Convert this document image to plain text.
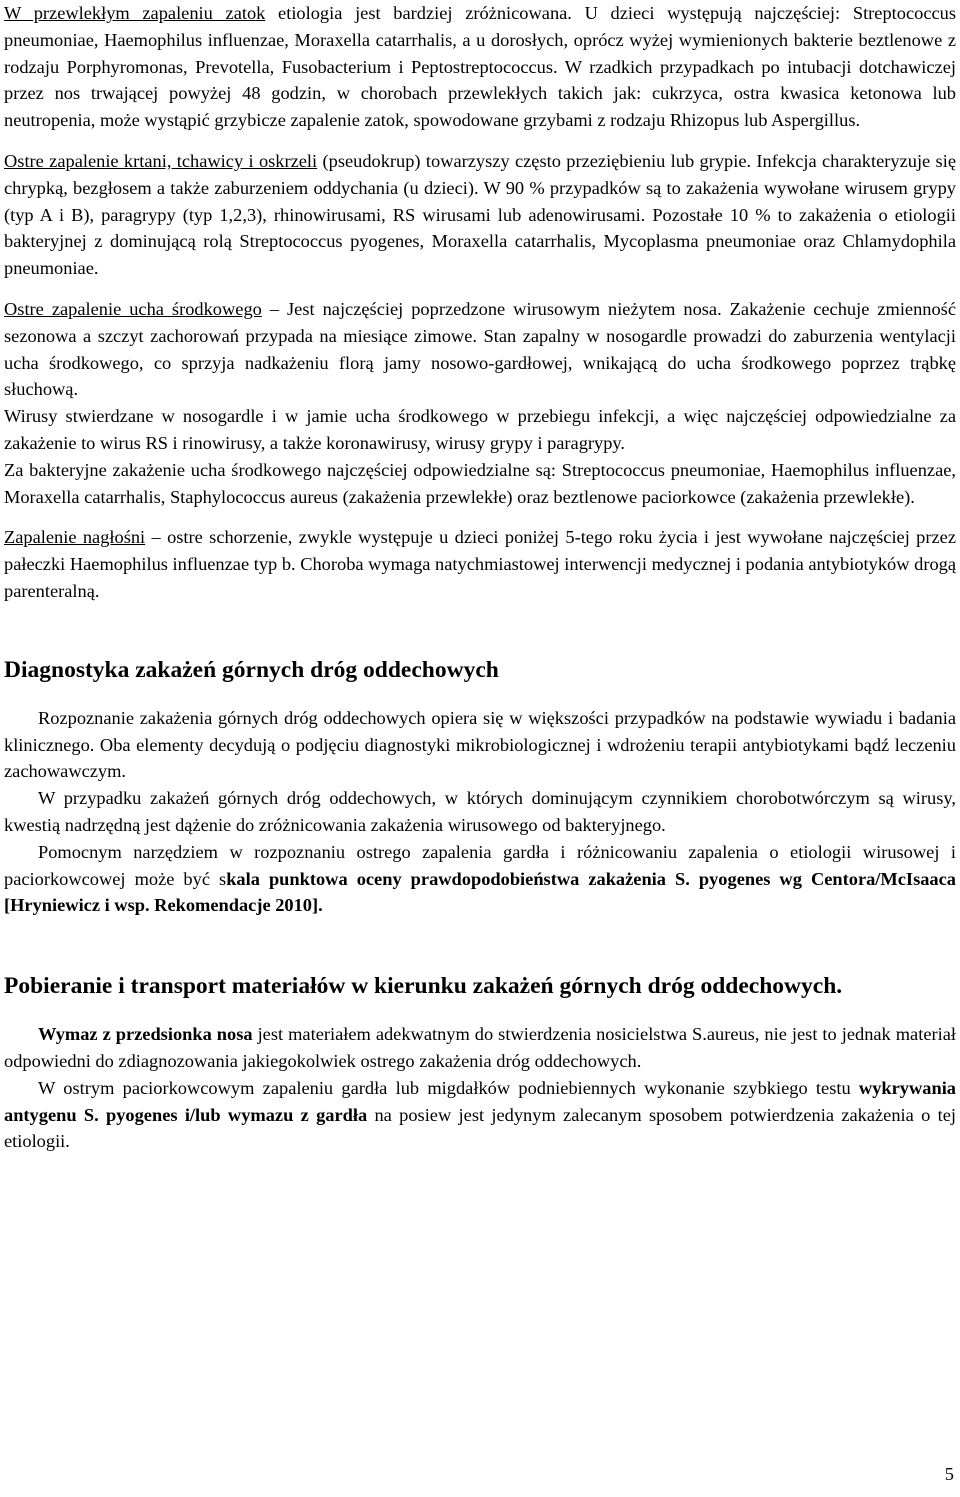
W przewlekłym zapaleniu zatok etiologia jest bardziej zróżnicowana. U dzieci występują najczęściej: Streptococcus pneumoniae, Haemophilus influenzae, Moraxella catarrhalis, a u dorosłych, oprócz wyżej wymienionych bakterie beztlenowe z rodzaju Porphyromonas, Prevotella, Fusobacterium i Peptostreptococcus. W rzadkich przypadkach po intubacji dotchawiczej przez nos trwającej powyżej 48 godzin, w chorobach przewlekłych takich jak: cukrzyca, ostra kwasica ketonowa lub neutropenia, może wystąpić grzybicze zapalenie zatok, spowodowane grzybami z rodzaju Rhizopus lub Aspergillus.

Ostre zapalenie krtani, tchawicy i oskrzeli (pseudokrup) towarzyszy często przeziębieniu lub grypie. Infekcja charakteryzuje się chrypką, bezgłosem a także zaburzeniem oddychania (u dzieci). W 90 % przypadków są to zakażenia wywołane wirusem grypy (typ A i B), paragrypy (typ 1,2,3), rhinowirusami, RS wirusami lub adenowirusami. Pozostałe 10 % to zakażenia o etiologii bakteryjnej z dominującą rolą Streptococcus pyogenes, Moraxella catarrhalis, Mycoplasma pneumoniae oraz Chlamydophila pneumoniae.

Ostre zapalenie ucha środkowego – Jest najczęściej poprzedzone wirusowym nieżytem nosa. Zakażenie cechuje zmienność sezonowa a szczyt zachorowań przypada na miesiące zimowe. Stan zapalny w nosogardle prowadzi do zaburzenia wentylacji ucha środkowego, co sprzyja nadkażeniu florą jamy nosowo-gardłowej, wnikającą do ucha środkowego poprzez trąbkę słuchową.

Wirusy stwierdzane w nosogardle i w jamie ucha środkowego w przebiegu infekcji, a więc najczęściej odpowiedzialne za zakażenie to wirus RS i rinowirusy, a także koronawirusy, wirusy grypy i paragrypy.

Za bakteryjne zakażenie ucha środkowego najczęściej odpowiedzialne są: Streptococcus pneumoniae, Haemophilus influenzae, Moraxella catarrhalis, Staphylococcus aureus (zakażenia przewlekłe) oraz beztlenowe paciorkowce (zakażenia przewlekłe).

Zapalenie nagłośni – ostre schorzenie, zwykle występuje u dzieci poniżej 5-tego roku życia i jest wywołane najczęściej przez pałeczki Haemophilus influenzae typ b. Choroba wymaga natychmiastowej interwencji medycznej i podania antybiotyków drogą parenteralną.

Diagnostyka zakażeń górnych dróg oddechowych

Rozpoznanie zakażenia górnych dróg oddechowych opiera się w większości przypadków na podstawie wywiadu i badania klinicznego. Oba elementy decydują o podjęciu diagnostyki mikrobiologicznej i wdrożeniu terapii antybiotykami bądź leczeniu zachowawczym.

W przypadku zakażeń górnych dróg oddechowych, w których dominującym czynnikiem chorobotwórczym są wirusy, kwestią nadrzędną jest dążenie do zróżnicowania zakażenia wirusowego od bakteryjnego.

Pomocnym narzędziem w rozpoznaniu ostrego zapalenia gardła i różnicowaniu zapalenia o etiologii wirusowej i paciorkowcowej może być skala punktowa oceny prawdopodobieństwa zakażenia S. pyogenes wg Centora/McIsaaca [Hryniewicz i wsp. Rekomendacje 2010].

Pobieranie i transport materiałów w kierunku zakażeń górnych dróg oddechowych.

Wymaz z przedsionka nosa jest materiałem adekwatnym do stwierdzenia nosicielstwa S.aureus, nie jest to jednak materiał odpowiedni do zdiagnozowania jakiegokolwiek ostrego zakażenia dróg oddechowych.

W ostrym paciorkowcowym zapaleniu gardła lub migdałków podniebiennych wykonanie szybkiego testu wykrywania antygenu S. pyogenes i/lub wymazu z gardła na posiew jest jedynym zalecanym sposobem potwierdzenia zakażenia o tej etiologii.

5
